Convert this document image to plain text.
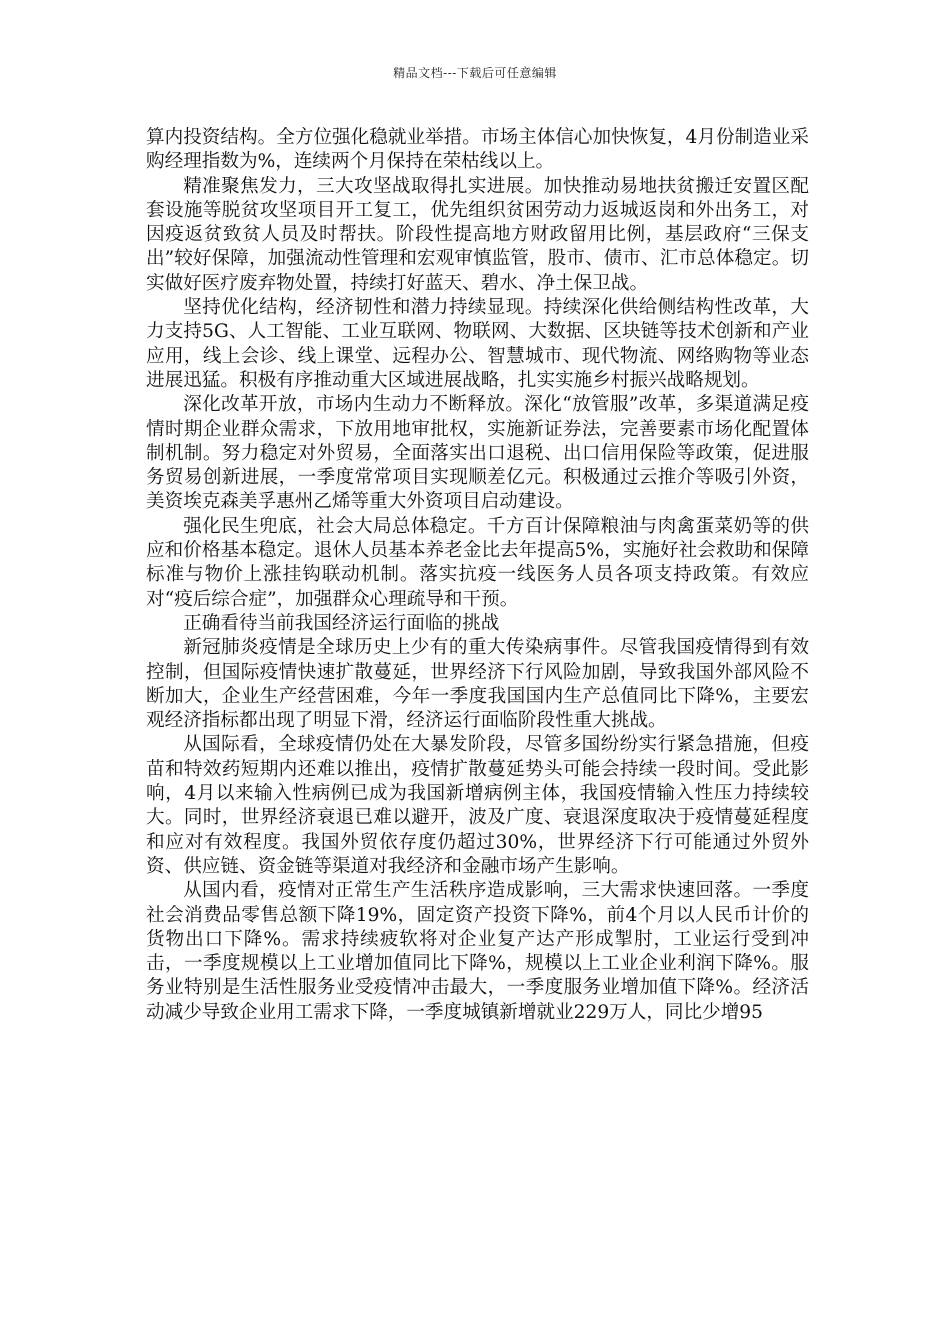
精品文档---下载后可任意编辑

算内投资结构。全方位强化稳就业举措。市场主体信心加快恢复，4月份制造业采购经理指数为%，连续两个月保持在荣枯线以上。

精准聚焦发力，三大攻坚战取得扎实进展。加快推动易地扶贫搬迁安置区配套设施等脱贫攻坚项目开工复工，优先组织贫困劳动力返城返岗和外出务工，对因疫返贫致贫人员及时帮扶。阶段性提高地方财政留用比例，基层政府“三保支出”较好保障，加强流动性管理和宏观审慎监管，股市、债市、汇市总体稳定。切实做好医疗废弃物处置，持续打好蓝天、碧水、净土保卫战。

坚持优化结构，经济韧性和潜力持续显现。持续深化供给侧结构性改革，大力支持5G、人工智能、工业互联网、物联网、大数据、区块链等技术创新和产业应用，线上会诊、线上课堂、远程办公、智慧城市、现代物流、网络购物等业态进展迅猛。积极有序推动重大区域进展战略，扎实实施乡村振兴战略规划。

深化改革开放，市场内生动力不断释放。深化“放管服”改革，多渠道满足疫情时期企业群众需求，下放用地审批权，实施新证券法，完善要素市场化配置体制机制。努力稳定对外贸易，全面落实出口退税、出口信用保险等政策，促进服务贸易创新进展，一季度常常项目实现顺差亿元。积极通过云推介等吸引外资，美资埃克森美孚惠州乙烯等重大外资项目启动建设。

强化民生兜底，社会大局总体稳定。千方百计保障粮油与肉禽蛋菜奶等的供应和价格基本稳定。退休人员基本养老金比去年提高5%，实施好社会救助和保障标准与物价上涨挂钩联动机制。落实抗疫一线医务人员各项支持政策。有效应对“疫后综合症”，加强群众心理疏导和干预。

正确看待当前我国经济运行面临的挑战

新冠肺炎疫情是全球历史上少有的重大传染病事件。尽管我国疫情得到有效控制，但国际疫情快速扩散蔓延，世界经济下行风险加剧，导致我国外部风险不断加大，企业生产经营困难，今年一季度我国国内生产总值同比下降%，主要宏观经济指标都出现了明显下滑，经济运行面临阶段性重大挑战。

从国际看，全球疫情仍处在大暴发阶段，尽管多国纷纷实行紧急措施，但疫苗和特效药短期内还难以推出，疫情扩散蔓延势头可能会持续一段时间。受此影响，4月以来输入性病例已成为我国新增病例主体，我国疫情输入性压力持续较大。同时，世界经济衰退已难以避开，波及广度、衰退深度取决于疫情蔓延程度和应对有效程度。我国外贸依存度仍超过30%，世界经济下行可能通过外贸外资、供应链、资金链等渠道对我经济和金融市场产生影响。

从国内看，疫情对正常生产生活秩序造成影响，三大需求快速回落。一季度社会消费品零售总额下降19%，固定资产投资下降%，前4个月以人民币计价的货物出口下降%。需求持续疲软将对企业复产达产形成掣肘，工业运行受到冲击，一季度规模以上工业增加值同比下降%，规模以上工业企业利润下降%。服务业特别是生活性服务业受疫情冲击最大，一季度服务业增加值下降%。经济活动减少导致企业用工需求下降，一季度城镇新增就业229万人，同比少增95
